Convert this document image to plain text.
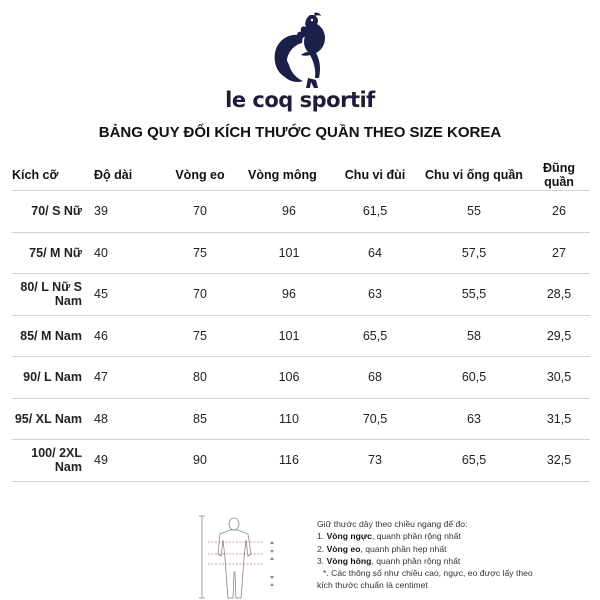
le coq sportif
BẢNG QUY ĐỔI KÍCH THƯỚC QUẦN THEO SIZE KOREA
Kích cỡ	Độ dài	Vòng eo	Vòng mông	Chu vi đùi	Chu vi ống quần	Đũng quần
70/ S Nữ	39	70	96	61,5	55	26
75/ M Nữ	40	75	101	64	57,5	27
80/ L Nữ S Nam	45	70	96	63	55,5	28,5
85/ M Nam	46	75	101	65,5	58	29,5
90/ L Nam	47	80	106	68	60,5	30,5
95/ XL Nam	48	85	110	70,5	63	31,5
100/ 2XL Nam	49	90	116	73	65,5	32,5
Giữ thước dây theo chiều ngang để đo:
1. Vòng ngực, quanh phần rộng nhất
2. Vòng eo, quanh phần hẹp nhất
3. Vòng hông, quanh phần rộng nhất
*. Các thông số như chiều cao, ngực, eo được lấy theo
kích thước chuẩn là centimet
